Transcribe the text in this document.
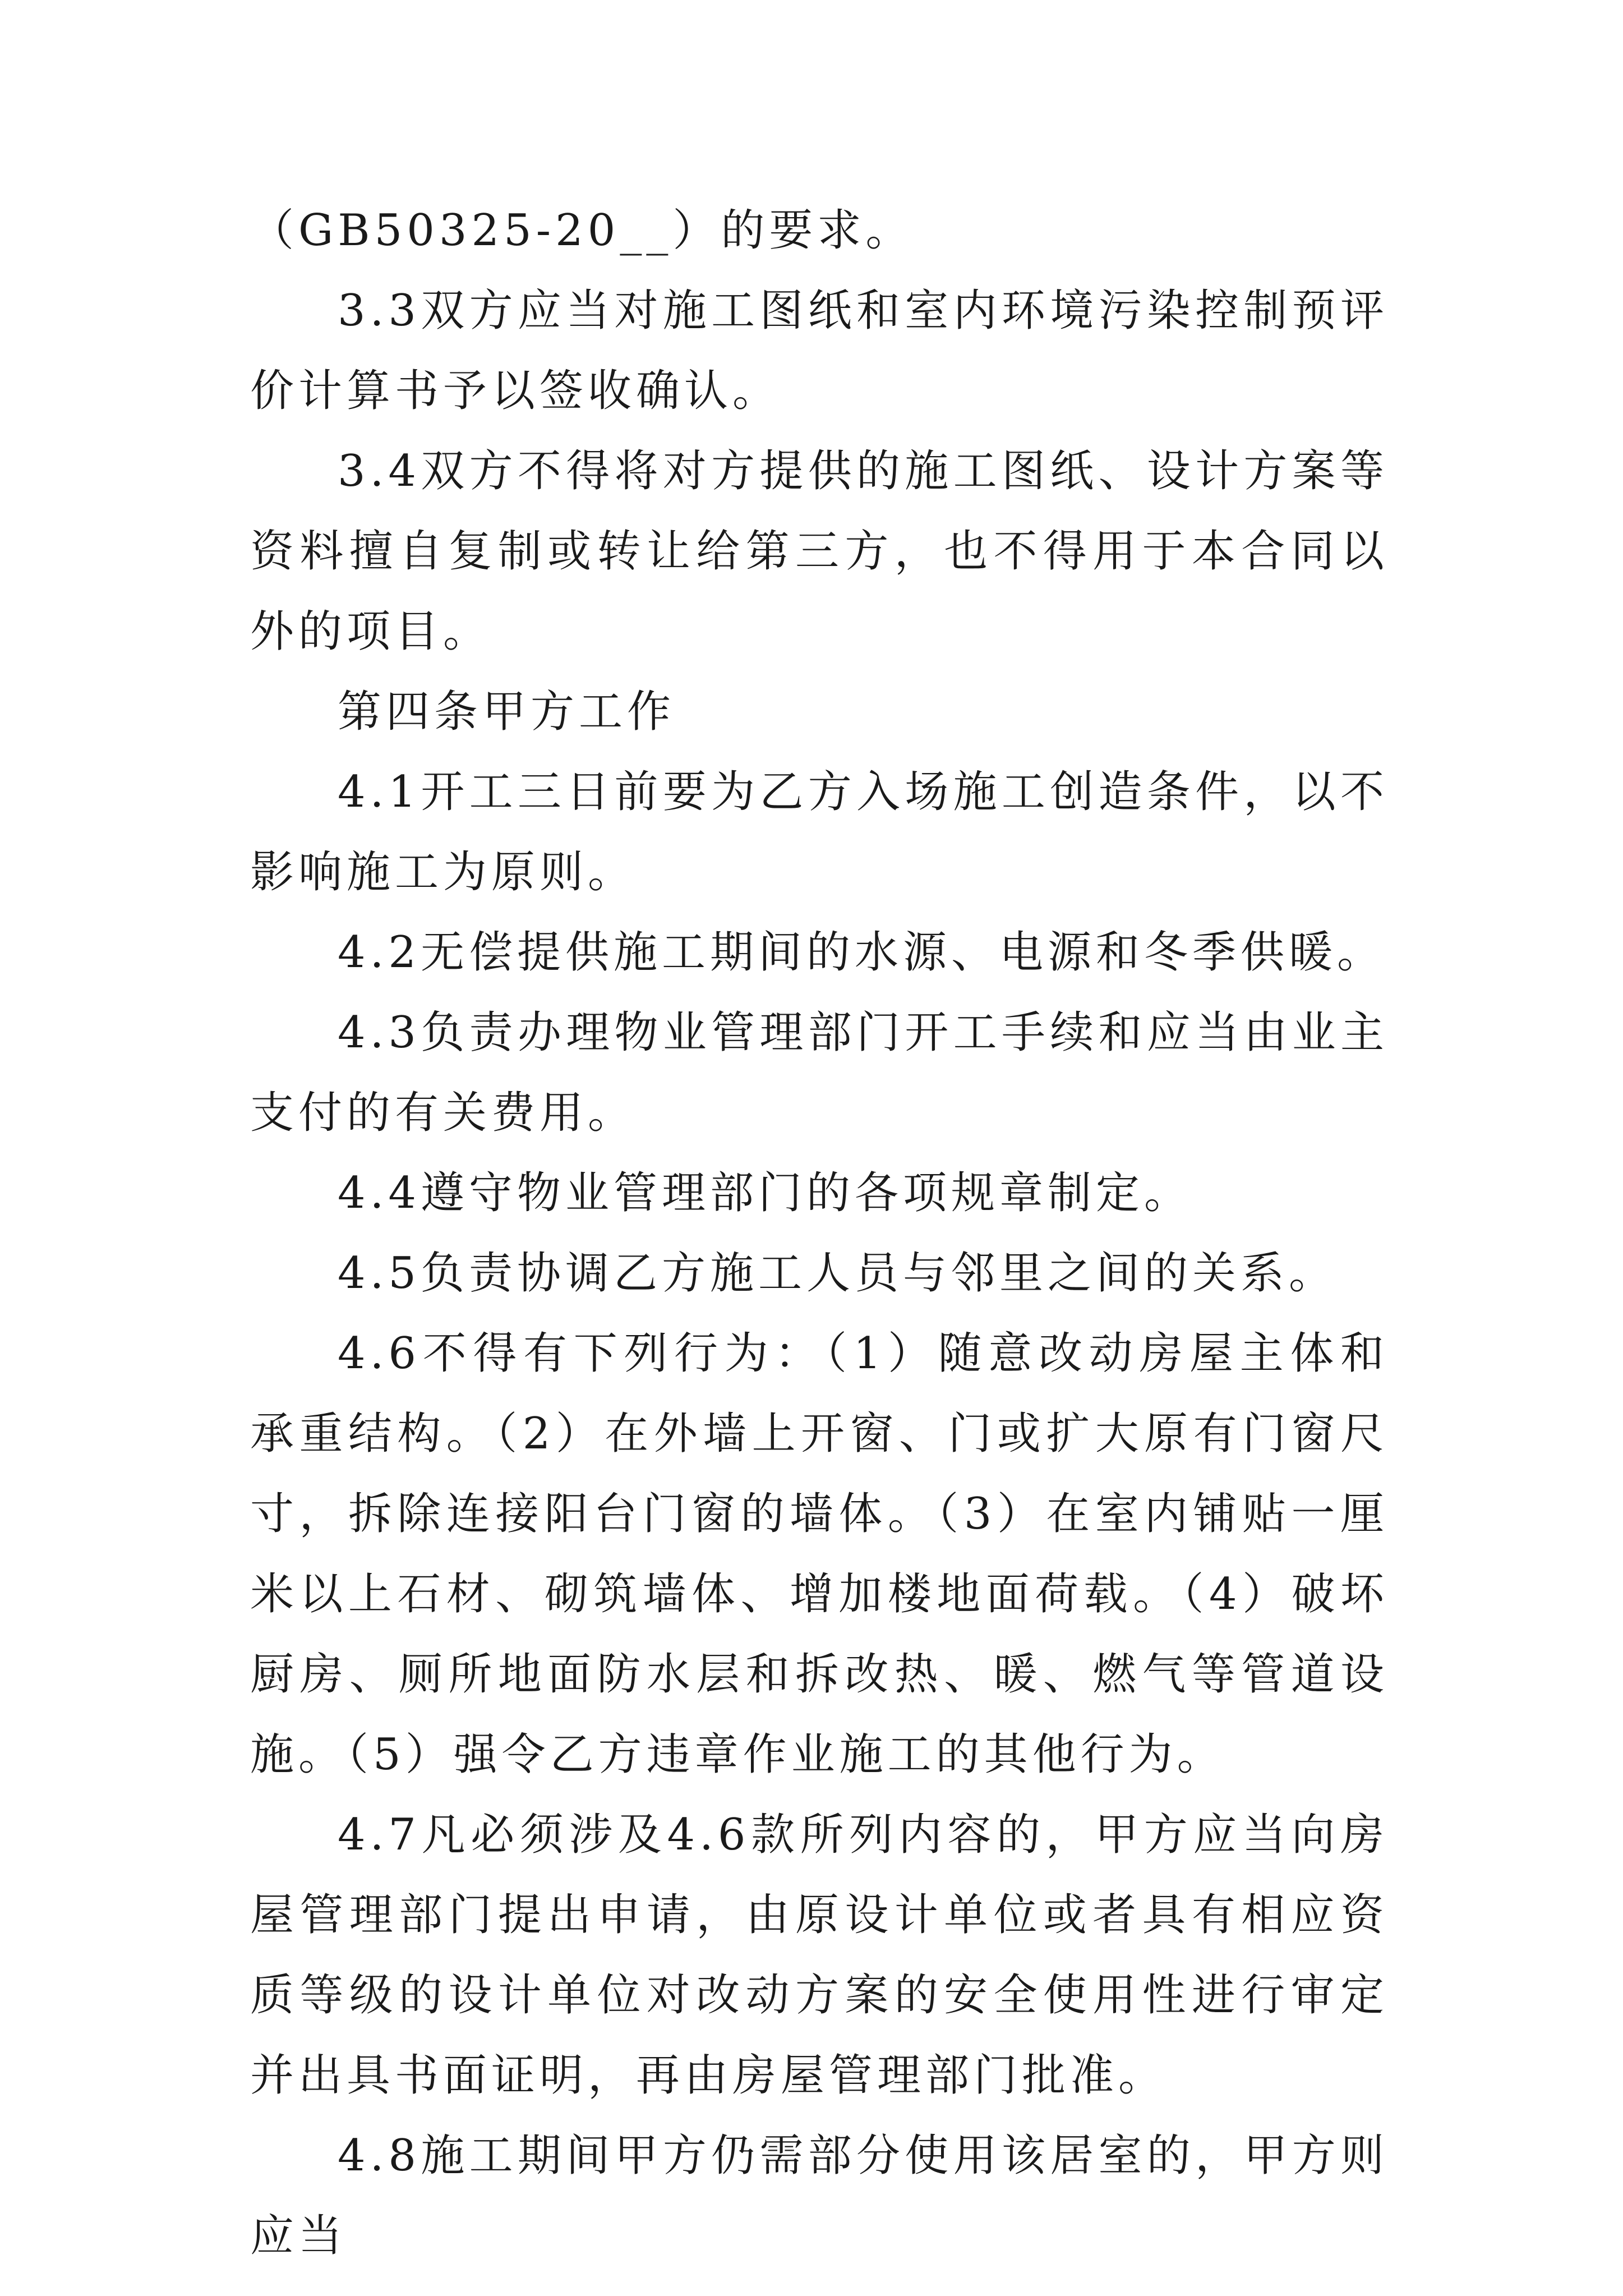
（GB50325-20__）的要求。

3.3双方应当对施工图纸和室内环境污染控制预评价计算书予以签收确认。

3.4双方不得将对方提供的施工图纸、设计方案等资料擅自复制或转让给第三方，也不得用于本合同以外的项目。

第四条甲方工作

4.1开工三日前要为乙方入场施工创造条件，以不影响施工为原则。

4.2无偿提供施工期间的水源、电源和冬季供暖。

4.3负责办理物业管理部门开工手续和应当由业主支付的有关费用。

4.4遵守物业管理部门的各项规章制定。

4.5负责协调乙方施工人员与邻里之间的关系。

4.6不得有下列行为：（1）随意改动房屋主体和承重结构。（2）在外墙上开窗、门或扩大原有门窗尺寸，拆除连接阳台门窗的墙体。（3）在室内铺贴一厘米以上石材、砌筑墙体、增加楼地面荷载。（4）破坏厨房、厕所地面防水层和拆改热、暖、燃气等管道设施。（5）强令乙方违章作业施工的其他行为。

4.7凡必须涉及4.6款所列内容的，甲方应当向房屋管理部门提出申请，由原设计单位或者具有相应资质等级的设计单位对改动方案的安全使用性进行审定并出具书面证明，再由房屋管理部门批准。

4.8施工期间甲方仍需部分使用该居室的，甲方则应当
